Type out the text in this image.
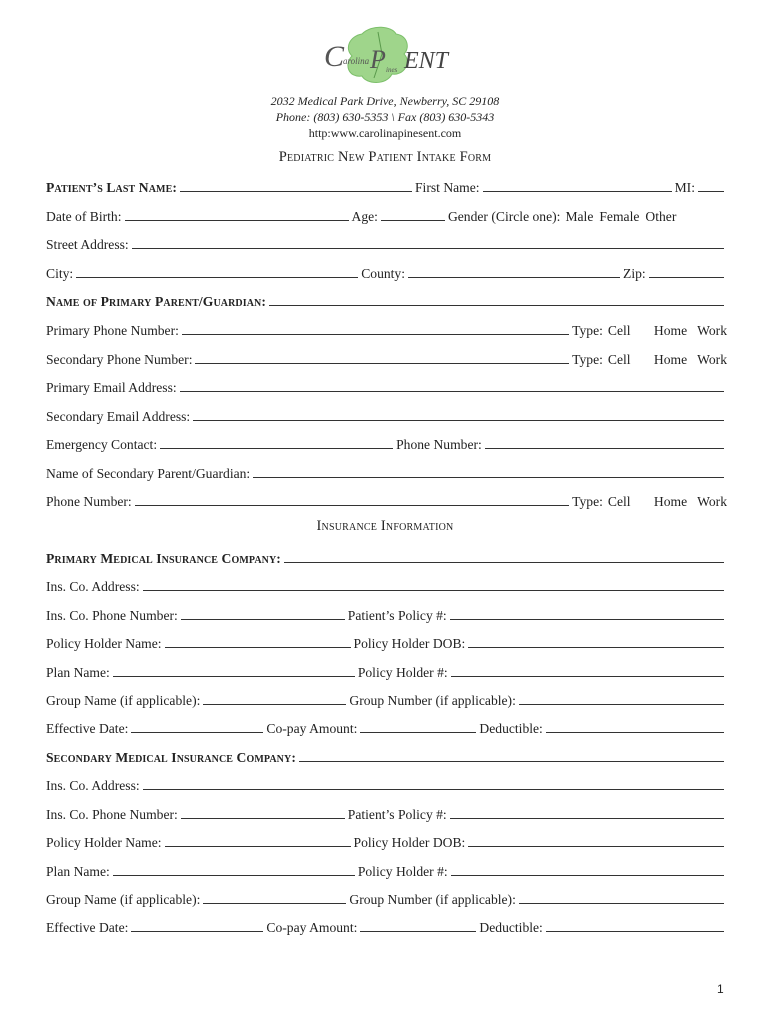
C
arolina P ines ENT
2032 Medical Park Drive, Newberry, SC 29108
Phone: (803) 630-5353 \ Fax (803) 630-5343
http:www.carolinapinesent.com
Pediatric New Patient Intake Form
Patient’s Last Name:	First Name:	MI:
Date of Birth:	Age:	Gender (Circle one): Male Female Other
Street Address:
City:	County:	Zip:
Name of Primary Parent/Guardian:
Primary Phone Number:	Type: Cell	Home Work
Secondary Phone Number:	Type: Cell	Home Work
Primary Email Address:
Secondary Email Address:
Emergency Contact:	Phone Number:
Name of Secondary Parent/Guardian:
Phone Number:	Type: Cell	Home Work
Insurance Information
Primary Medical Insurance Company:
Ins. Co. Address:
Ins. Co. Phone Number:	Patient’s Policy #:
Policy Holder Name:	Policy Holder DOB:
Plan Name:	Policy Holder #:
Group Name (if applicable):	Group Number (if applicable):
Effective Date:	Co-pay Amount:	Deductible:
Secondary Medical Insurance Company:
Ins. Co. Address:
Ins. Co. Phone Number:	Patient’s Policy #:
Policy Holder Name:	Policy Holder DOB:
Plan Name:	Policy Holder #:
Group Name (if applicable):	Group Number (if applicable):
Effective Date:	Co-pay Amount:	Deductible:
1
